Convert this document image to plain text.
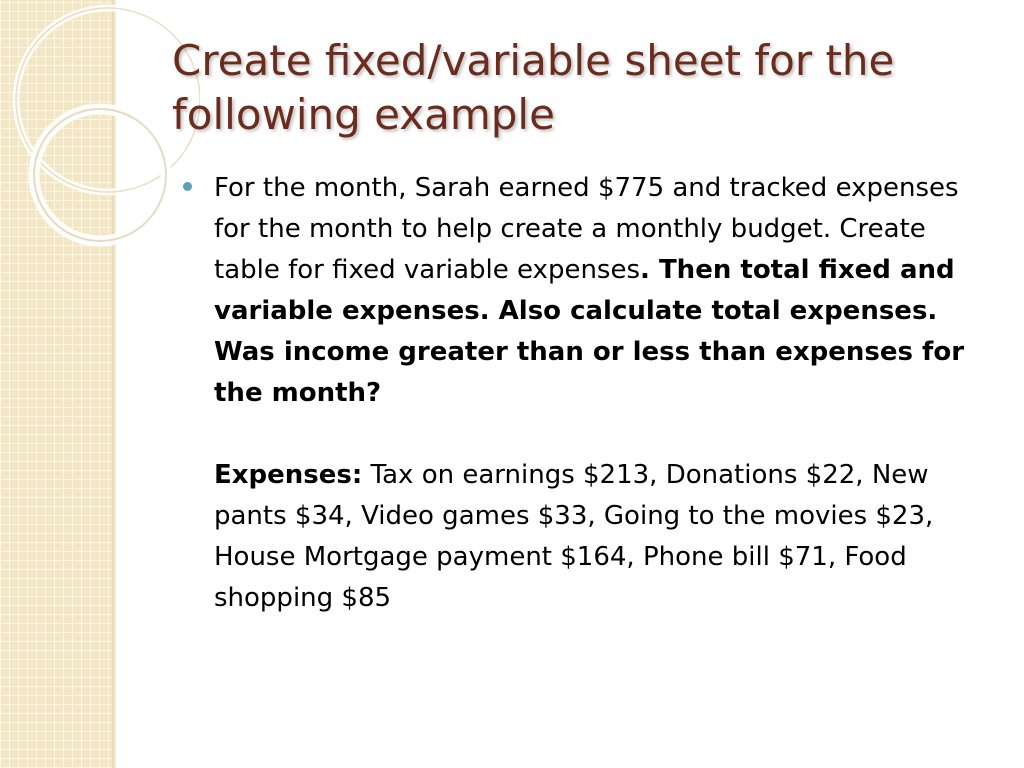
Create fixed/variable sheet for the following example

For the month, Sarah earned $775 and tracked expenses for the month to help create a monthly budget. Create table for fixed variable expenses. Then total fixed and variable expenses. Also calculate total expenses. Was income greater than or less than expenses for the month?

Expenses: Tax on earnings $213, Donations $22, New pants $34, Video games $33, Going to the movies $23, House Mortgage payment $164, Phone bill $71, Food shopping $85
